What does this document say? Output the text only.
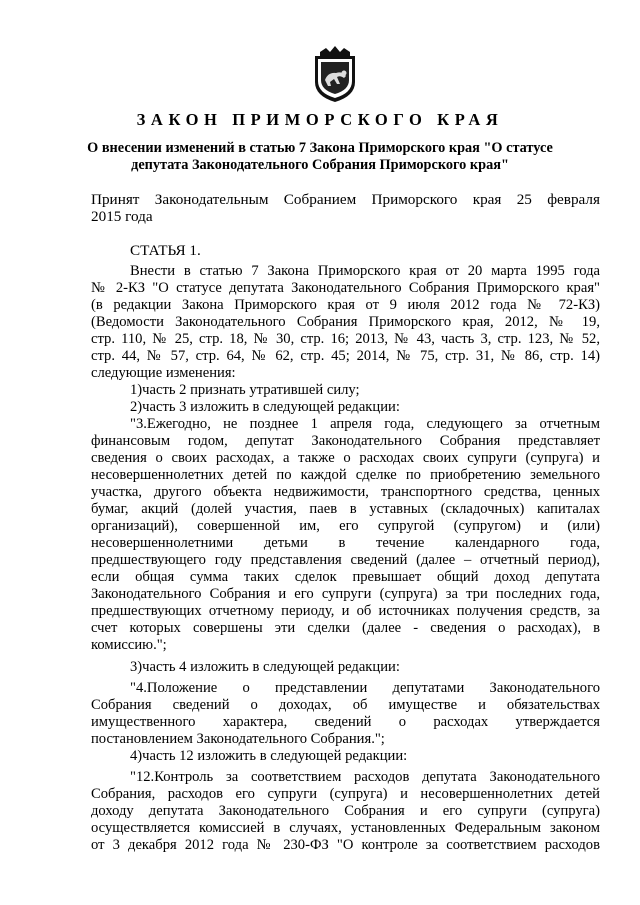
ЗАКОН ПРИМОРСКОГО КРАЯ
О внесении изменений в статью 7 Закона Приморского края "О статусе
депутата Законодательного Собрания Приморского края"
Принят Законодательным Собранием Приморского края 25 февраля
2015 года
СТАТЬЯ 1.
Внести в статью 7 Закона Приморского края от 20 марта 1995 года
№ 2-КЗ "О статусе депутата Законодательного Собрания Приморского края"
(в редакции Закона Приморского края от 9 июля 2012 года № 72-КЗ)
(Ведомости Законодательного Собрания Приморского края, 2012, № 19,
стр. 110, № 25, стр. 18, № 30, стр. 16; 2013, № 43, часть 3, стр. 123, № 52,
стр. 44, № 57, стр. 64, № 62, стр. 45; 2014, № 75, стр. 31, № 86, стр. 14)
следующие изменения:
1)часть 2 признать утратившей силу;
2)часть 3 изложить в следующей редакции:
"3.Ежегодно, не позднее 1 апреля года, следующего за отчетным
финансовым годом, депутат Законодательного Собрания представляет
сведения о своих расходах, а также о расходах своих супруги (супруга) и
несовершеннолетних детей по каждой сделке по приобретению земельного
участка, другого объекта недвижимости, транспортного средства, ценных
бумаг, акций (долей участия, паев в уставных (складочных) капиталах
организаций), совершенной им, его супругой (супругом) и (или)
несовершеннолетними детьми в течение календарного года,
предшествующего году представления сведений (далее – отчетный период),
если общая сумма таких сделок превышает общий доход депутата
Законодательного Собрания и его супруги (супруга) за три последних года,
предшествующих отчетному периоду, и об источниках получения средств, за
счет которых совершены эти сделки (далее - сведения о расходах), в
комиссию.";
3)часть 4 изложить в следующей редакции:
"4.Положение о представлении депутатами Законодательного
Собрания сведений о доходах, об имуществе и обязательствах
имущественного характера, сведений о расходах утверждается
постановлением Законодательного Собрания.";
4)часть 12 изложить в следующей редакции:
"12.Контроль за соответствием расходов депутата Законодательного
Собрания, расходов его супруги (супруга) и несовершеннолетних детей
доходу депутата Законодательного Собрания и его супруги (супруга)
осуществляется комиссией в случаях, установленных Федеральным законом
от 3 декабря 2012 года № 230-ФЗ "О контроле за соответствием расходов
